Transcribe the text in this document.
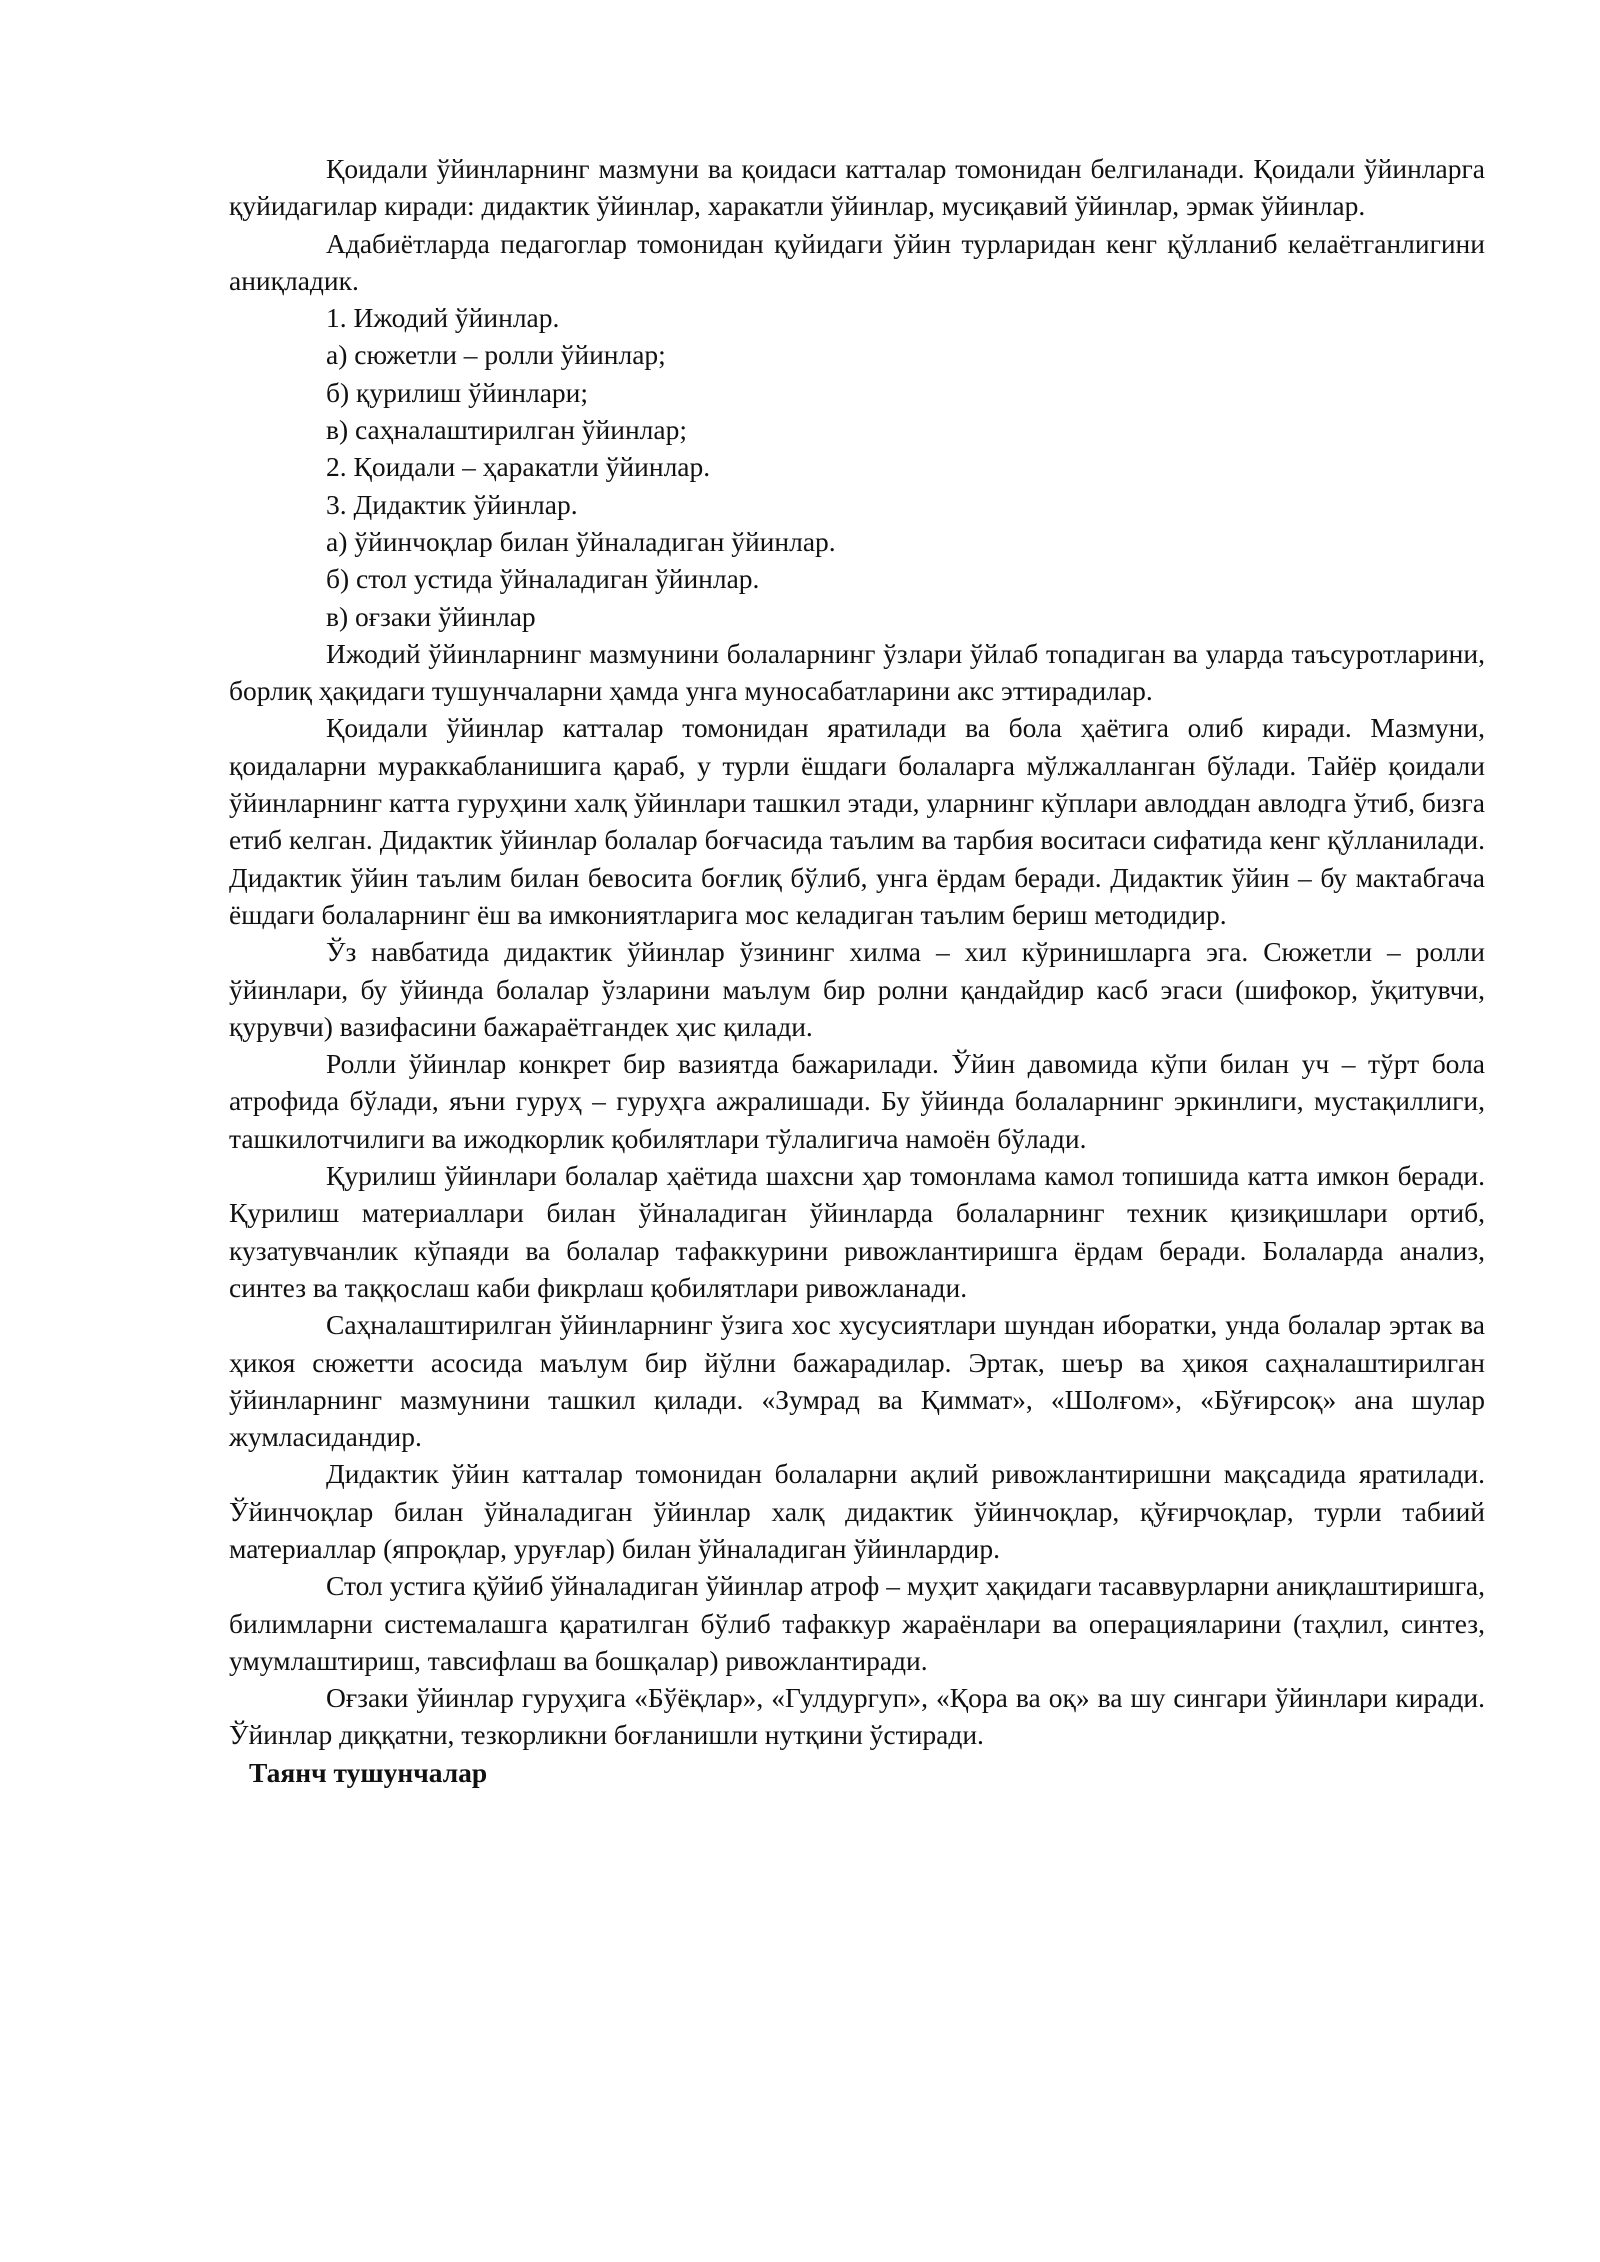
Қоидали ўйинларнинг мазмуни ва қоидаси катталар томонидан белгиланади. Қоидали ўйинларга қуйидагилар киради: дидактик ўйинлар, харакатли ўйинлар, мусиқавий ўйинлар, эрмак ўйинлар.

Адабиётларда педагоглар томонидан қуйидаги ўйин турларидан кенг қўлланиб келаётганлигини аниқладик.

1. Ижодий ўйинлар.

а) сюжетли – ролли ўйинлар;

б) қурилиш ўйинлари;

в) саҳналаштирилган ўйинлар;

2. Қоидали – ҳаракатли ўйинлар.

3. Дидактик ўйинлар.

а) ўйинчоқлар билан ўйналадиган ўйинлар.

б) стол устида ўйналадиган ўйинлар.

в) оғзаки ўйинлар

Ижодий ўйинларнинг мазмунини болаларнинг ўзлари ўйлаб топадиган ва уларда таъсуротларини, борлиқ ҳақидаги тушунчаларни ҳамда унга муносабатларини акс эттирадилар.

Қоидали ўйинлар катталар томонидан яратилади ва бола ҳаётига олиб киради. Мазмуни, қоидаларни мураккабланишига қараб, у турли ёшдаги болаларга мўлжалланган бўлади. Тайёр қоидали ўйинларнинг катта гуруҳини халқ ўйинлари ташкил этади, уларнинг кўплари авлоддан авлодга ўтиб, бизга етиб келган. Дидактик ўйинлар болалар боғчасида таълим ва тарбия воситаси сифатида кенг қўлланилади. Дидактик ўйин таълим билан бевосита боғлиқ бўлиб, унга ёрдам беради. Дидактик ўйин – бу мактабгача ёшдаги болаларнинг ёш ва имкониятларига мос келадиган таълим бериш методидир.

Ўз навбатида дидактик ўйинлар ўзининг хилма – хил кўринишларга эга. Сюжетли – ролли ўйинлари, бу ўйинда болалар ўзларини маълум бир ролни қандайдир касб эгаси (шифокор, ўқитувчи, қурувчи) вазифасини бажараётгандек ҳис қилади.

Ролли ўйинлар конкрет бир вазиятда бажарилади. Ўйин давомида кўпи билан уч – тўрт бола атрофида бўлади, яъни гуруҳ – гуруҳга ажралишади. Бу ўйинда болаларнинг эркинлиги, мустақиллиги, ташкилотчилиги ва ижодкорлик қобилятлари тўлалигича намоён бўлади.

Қурилиш ўйинлари болалар ҳаётида шахсни ҳар томонлама камол топишида катта имкон беради. Қурилиш материаллари билан ўйналадиган ўйинларда болаларнинг техник қизиқишлари ортиб, кузатувчанлик кўпаяди ва болалар тафаккурини ривожлантиришга ёрдам беради. Болаларда анализ, синтез ва таққослаш каби фикрлаш қобилятлари ривожланади.

Саҳналаштирилган ўйинларнинг ўзига хос хусусиятлари шундан иборатки, унда болалар эртак ва ҳикоя сюжетти асосида маълум бир йўлни бажарадилар. Эртак, шеър ва ҳикоя саҳналаштирилган ўйинларнинг мазмунини ташкил қилади. «Зумрад ва Қиммат», «Шолғом», «Бўғирсоқ» ана шулар жумласидандир.

Дидактик ўйин катталар томонидан болаларни ақлий ривожлантиришни мақсадида яратилади. Ўйинчоқлар билан ўйналадиган ўйинлар халқ дидактик ўйинчоқлар, қўғирчоқлар, турли табиий материаллар (япроқлар, уруғлар) билан ўйналадиган ўйинлардир.

Стол устига қўйиб ўйналадиган ўйинлар атроф – муҳит ҳақидаги тасаввурларни аниқлаштиришга, билимларни системалашга қаратилган бўлиб тафаккур жараёнлари ва операцияларини (таҳлил, синтез, умумлаштириш, тавсифлаш ва бошқалар) ривожлантиради.

Оғзаки ўйинлар гуруҳига «Бўёқлар», «Гулдургуп», «Қора ва оқ» ва шу сингари ўйинлари киради. Ўйинлар диққатни, тезкорликни боғланишли нутқини ўстиради.

Таянч тушунчалар
